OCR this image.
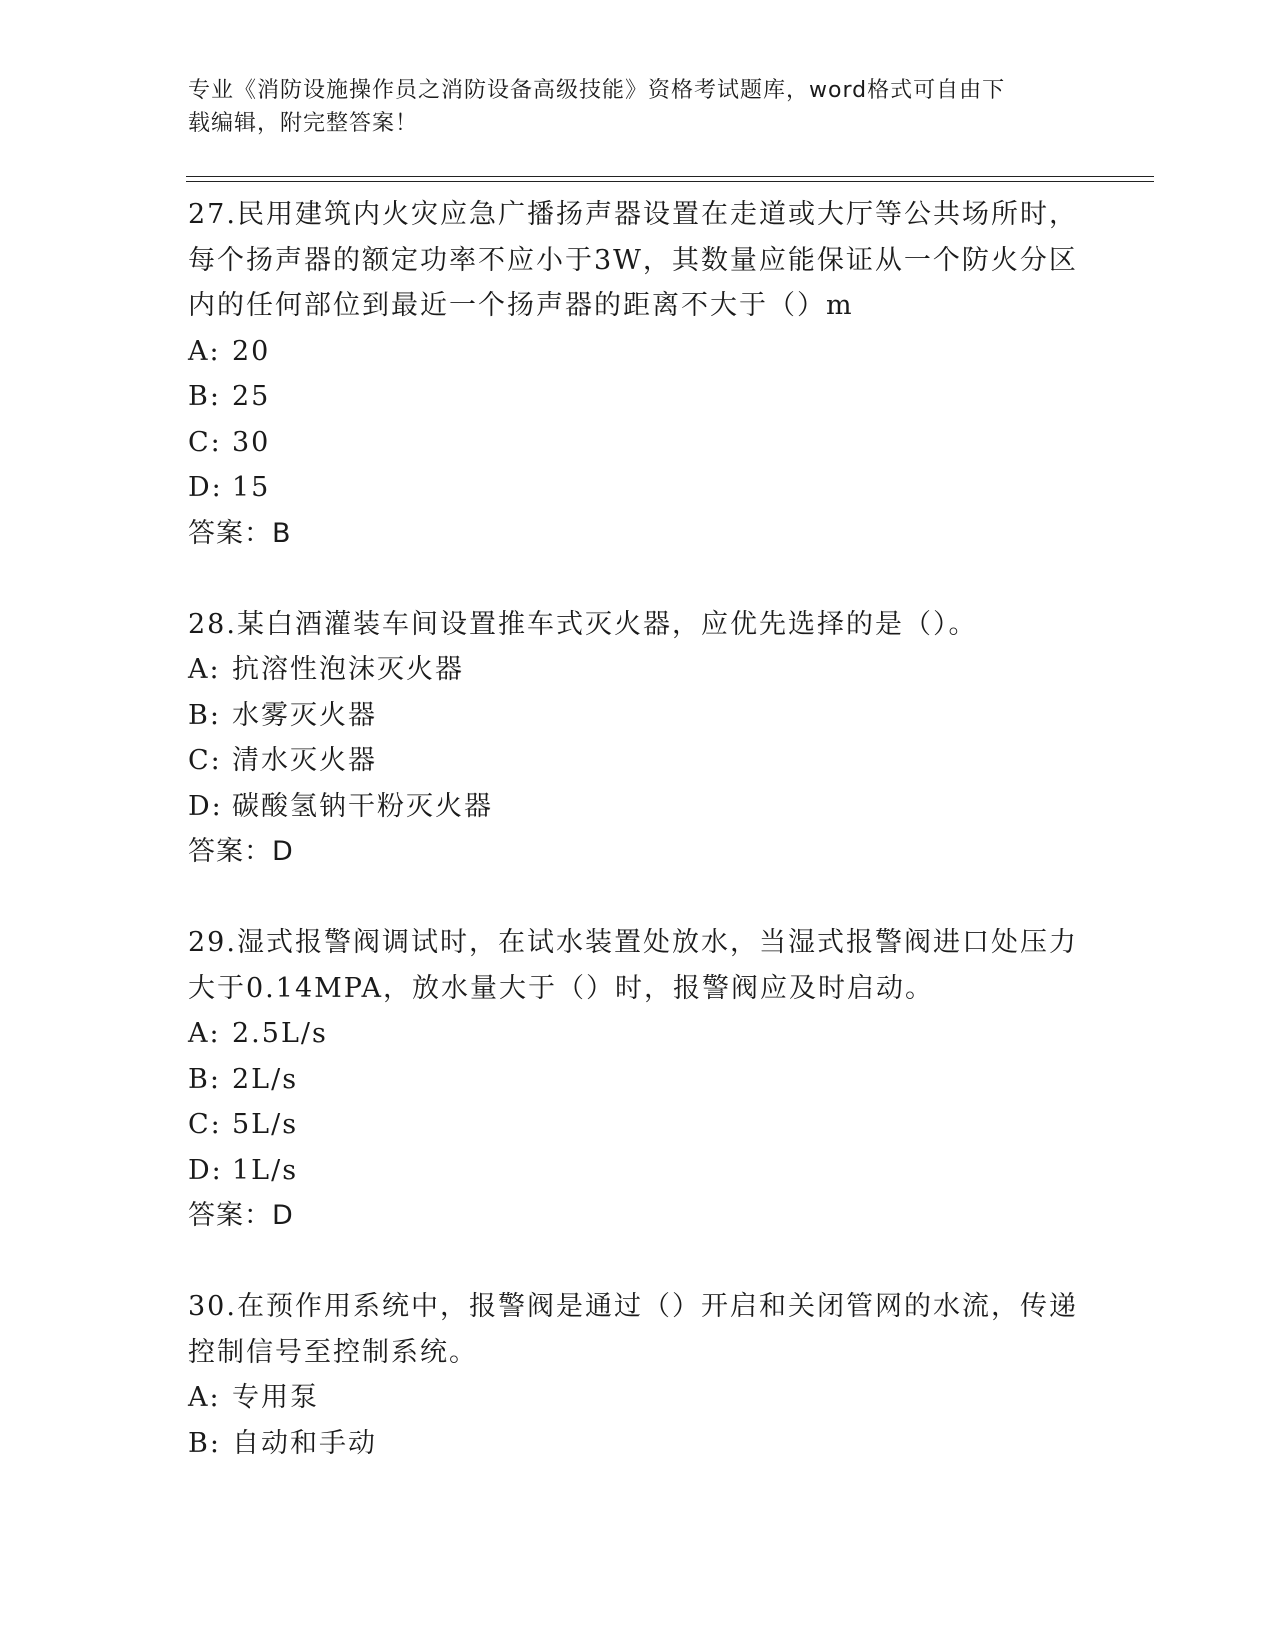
专业《消防设施操作员之消防设备高级技能》资格考试题库，word格式可自由下
载编辑，附完整答案！
27.民用建筑内火灾应急广播扬声器设置在走道或大厅等公共场所时，每个扬声器的额定功率不应小于3W，其数量应能保证从一个防火分区内的任何部位到最近一个扬声器的距离不大于（）m
A: 20
B: 25
C: 30
D: 15
答案：B
28.某白酒灌装车间设置推车式灭火器，应优先选择的是（）。
A: 抗溶性泡沫灭火器
B: 水雾灭火器
C: 清水灭火器
D: 碳酸氢钠干粉灭火器
答案：D
29.湿式报警阀调试时，在试水装置处放水，当湿式报警阀进口处压力大于0.14MPA，放水量大于（）时，报警阀应及时启动。
A: 2.5L/s
B: 2L/s
C: 5L/s
D: 1L/s
答案：D
30.在预作用系统中，报警阀是通过（）开启和关闭管网的水流，传递控制信号至控制系统。
A: 专用泵
B: 自动和手动
